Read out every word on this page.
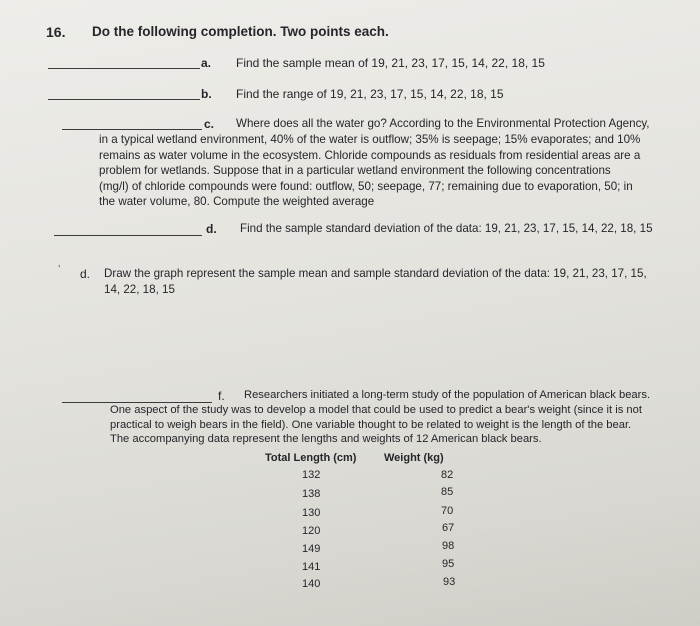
16. Do the following completion. Two points each.
a. Find the sample mean of 19, 21, 23, 17, 15, 14, 22, 18, 15
b. Find the range of 19, 21, 23, 17, 15, 14, 22, 18, 15
c. Where does all the water go? According to the Environmental Protection Agency,

in a typical wetland environment, 40% of the water is outflow; 35% is seepage; 15% evaporates; and 10%

remains as water volume in the ecosystem. Chloride compounds as residuals from residential areas are a

problem for wetlands. Suppose that in a particular wetland environment the following concentrations

(mg/l) of chloride compounds were found: outflow, 50; seepage, 77; remaining due to evaporation, 50; in

the water volume, 80. Compute the weighted average

d. Find the sample standard deviation of the data: 19, 21, 23, 17, 15, 14, 22, 18, 15
ʼ d. Draw the graph represent the sample mean and sample standard deviation of the data: 19, 21, 23, 17, 15,

14, 22, 18, 15

f. Researchers initiated a long-term study of the population of American black bears.

One aspect of the study was to develop a model that could be used to predict a bear's weight (since it is not

practical to weigh bears in the field). One variable thought to be related to weight is the length of the bear.

The accompanying data represent the lengths and weights of 12 American black bears.

Total Length (cm)	Weight (kg)
132	82
138	85
130	70
120	67
149	98
141	95
140	93
